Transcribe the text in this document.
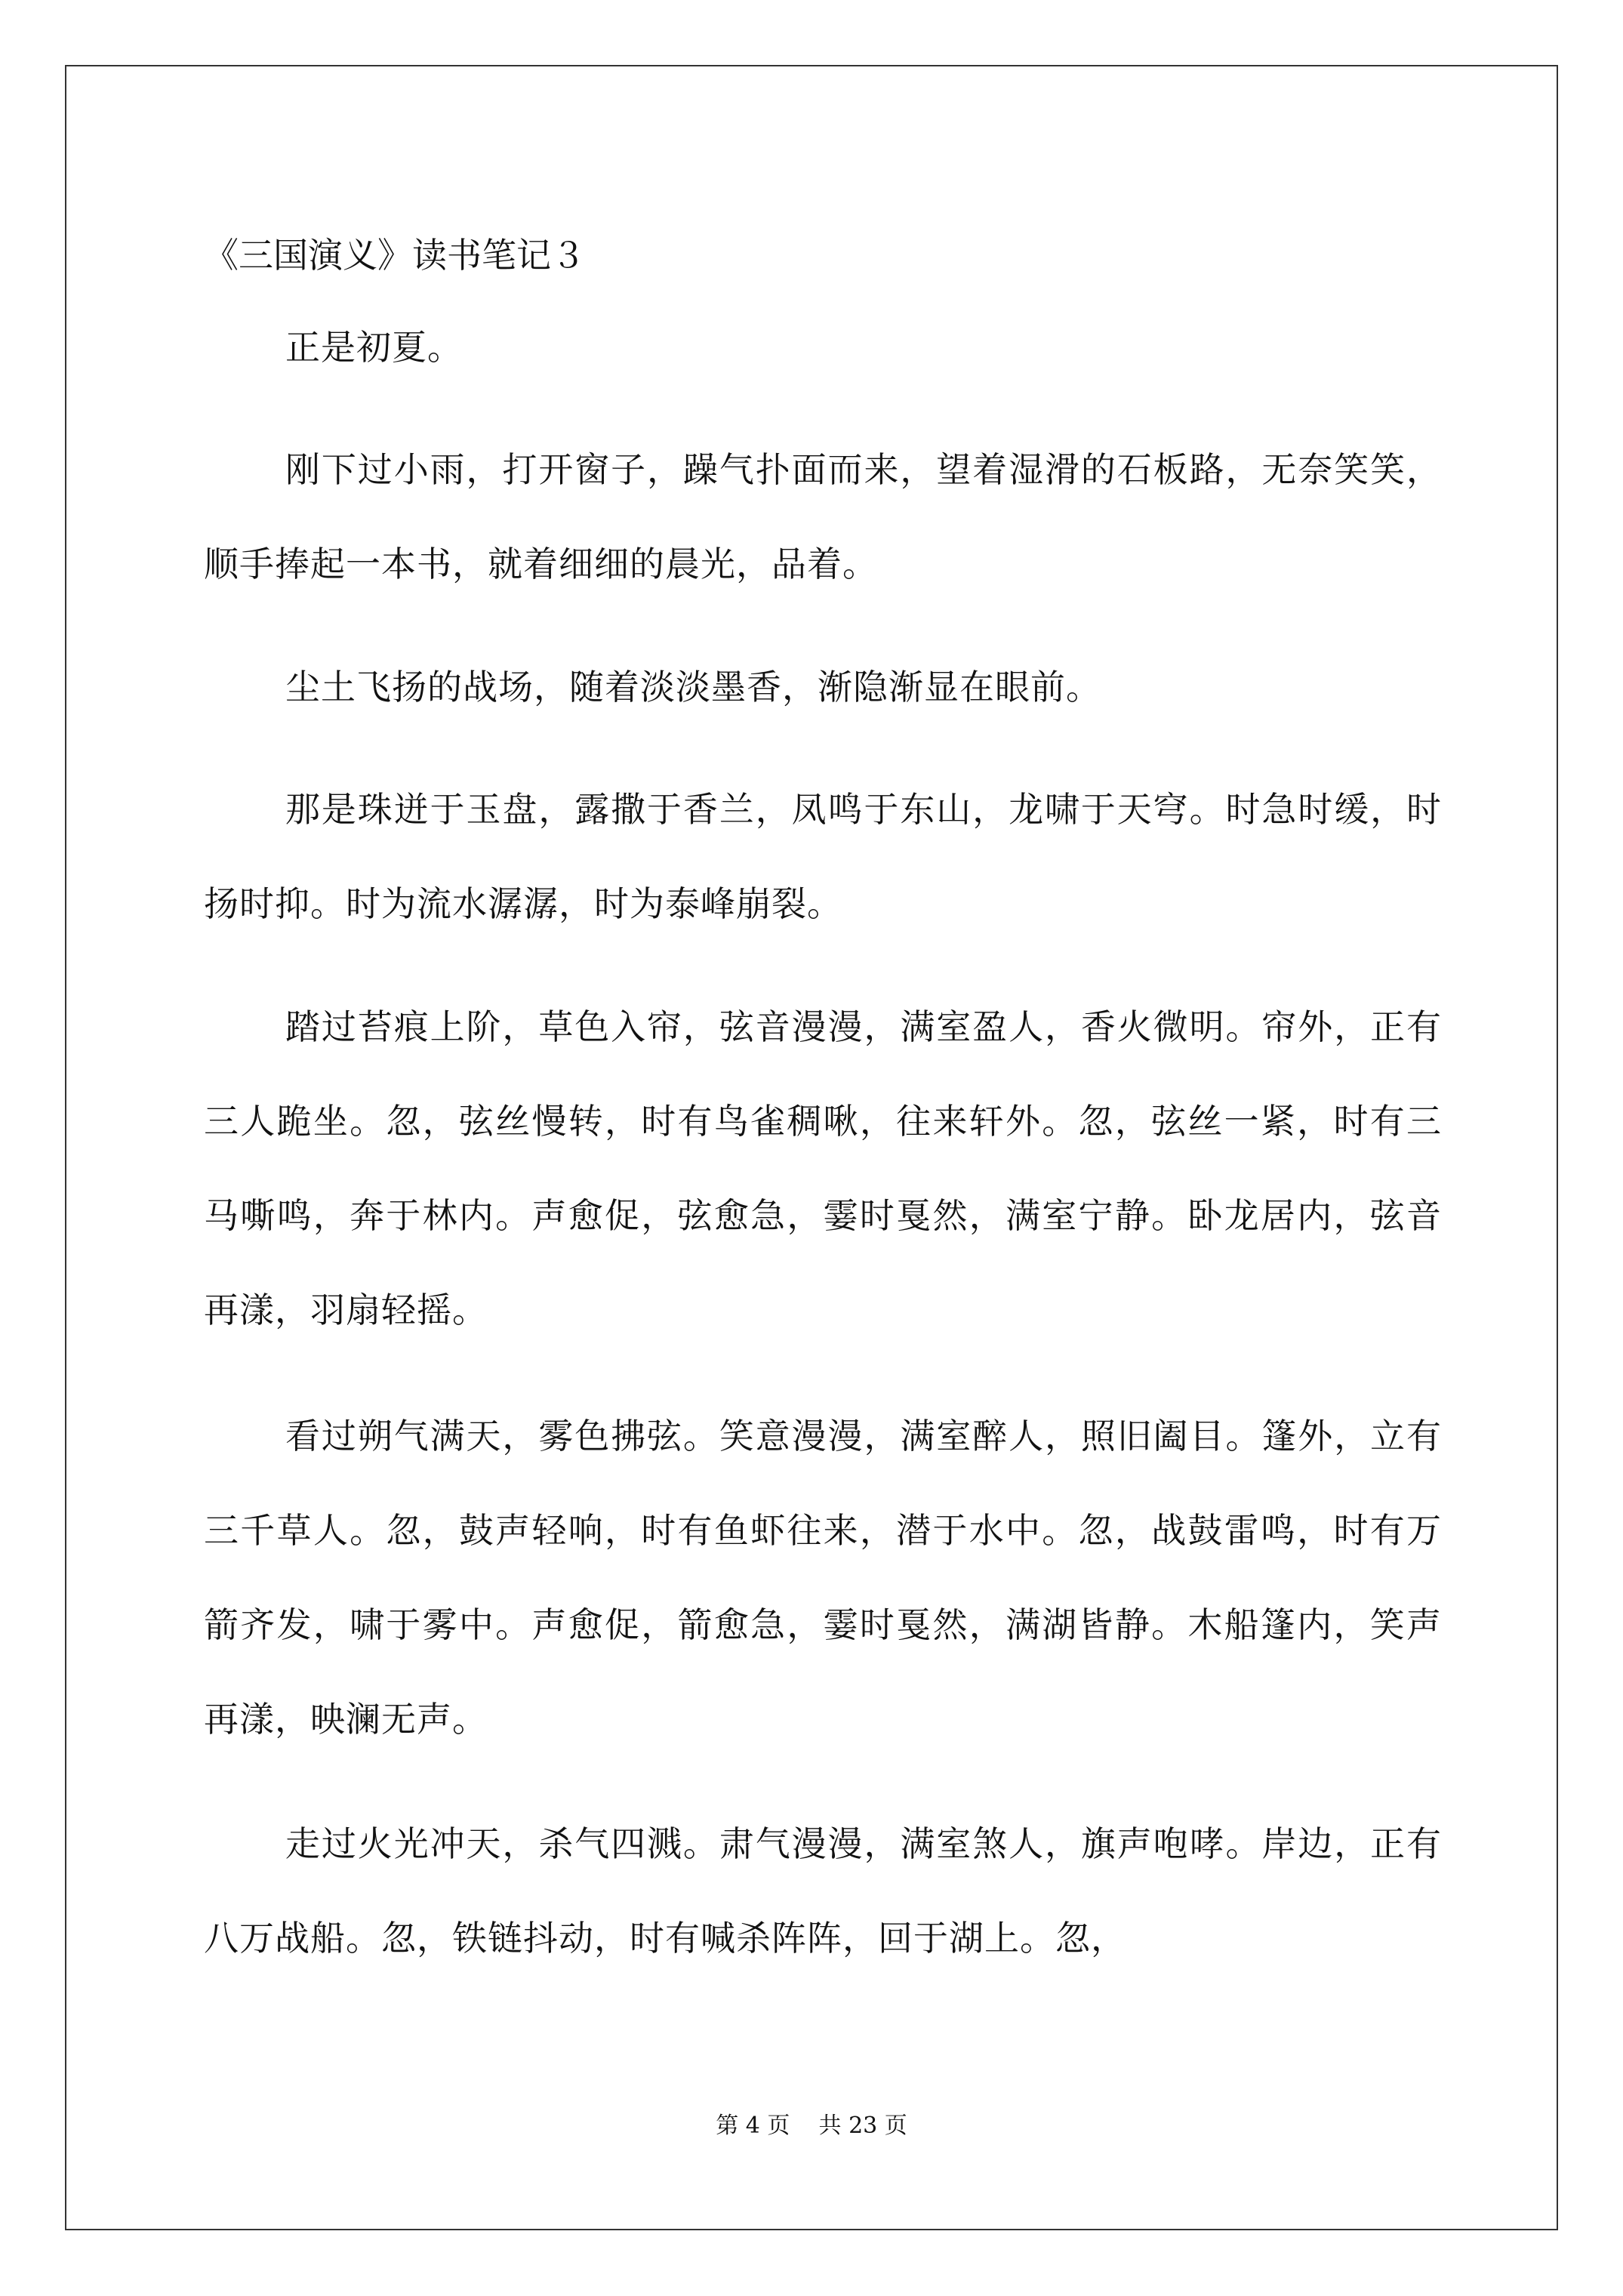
《三国演义》读书笔记３

正是初夏。

刚下过小雨，打开窗子，躁气扑面而来，望着湿滑的石板路，无奈笑笑，顺手捧起一本书，就着细细的晨光，品着。

尘土飞扬的战场，随着淡淡墨香，渐隐渐显在眼前。

那是珠迸于玉盘，露撒于香兰，凤鸣于东山，龙啸于天穹。时急时缓，时扬时抑。时为流水潺潺，时为泰峰崩裂。

踏过苔痕上阶，草色入帘，弦音漫漫，满室盈人，香火微明。帘外，正有三人跪坐。忽，弦丝慢转，时有鸟雀稠啾，往来轩外。忽，弦丝一紧，时有三马嘶鸣，奔于林内。声愈促，弦愈急，霎时戛然，满室宁静。卧龙居内，弦音再漾，羽扇轻摇。

看过朔气满天，雾色拂弦。笑意漫漫，满室醉人，照旧阖目。篷外，立有三千草人。忽，鼓声轻响，时有鱼虾往来，潜于水中。忽，战鼓雷鸣，时有万箭齐发，啸于雾中。声愈促，箭愈急，霎时戛然，满湖皆静。木船篷内，笑声再漾，映澜无声。

走过火光冲天，杀气四溅。肃气漫漫，满室煞人，旗声咆哮。岸边，正有八万战船。忽，铁链抖动，时有喊杀阵阵，回于湖上。忽，

第 4 页 共 23 页
